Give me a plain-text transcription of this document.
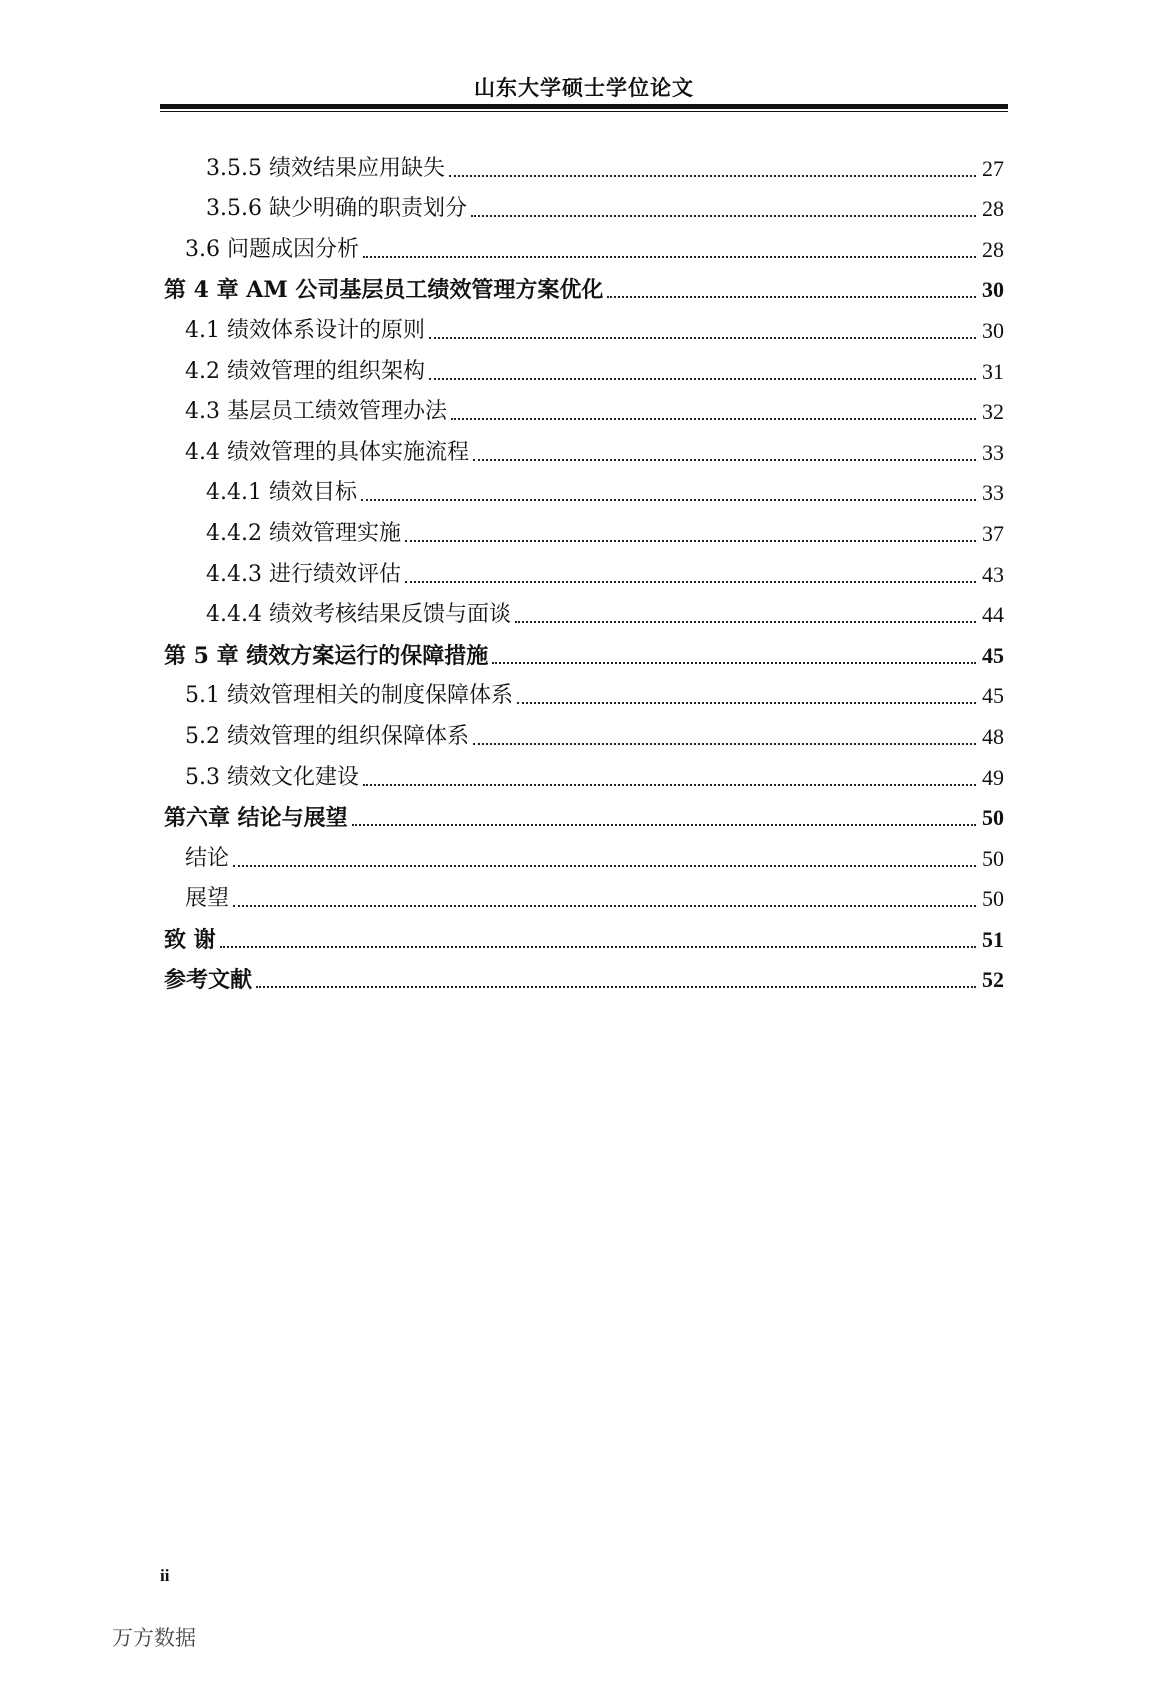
山东大学硕士学位论文
3.5.5 绩效结果应用缺失	27
3.5.6 缺少明确的职责划分	28
3.6 问题成因分析	28
第 4 章 AM 公司基层员工绩效管理方案优化	30
4.1 绩效体系设计的原则	30
4.2 绩效管理的组织架构	31
4.3 基层员工绩效管理办法	32
4.4 绩效管理的具体实施流程	33
4.4.1 绩效目标	33
4.4.2 绩效管理实施	37
4.4.3 进行绩效评估	43
4.4.4 绩效考核结果反馈与面谈	44
第 5 章 绩效方案运行的保障措施	45
5.1 绩效管理相关的制度保障体系	45
5.2 绩效管理的组织保障体系	48
5.3 绩效文化建设	49
第六章 结论与展望	50
结论	50
展望	50
致 谢	51
参考文献	52
ii
万方数据
